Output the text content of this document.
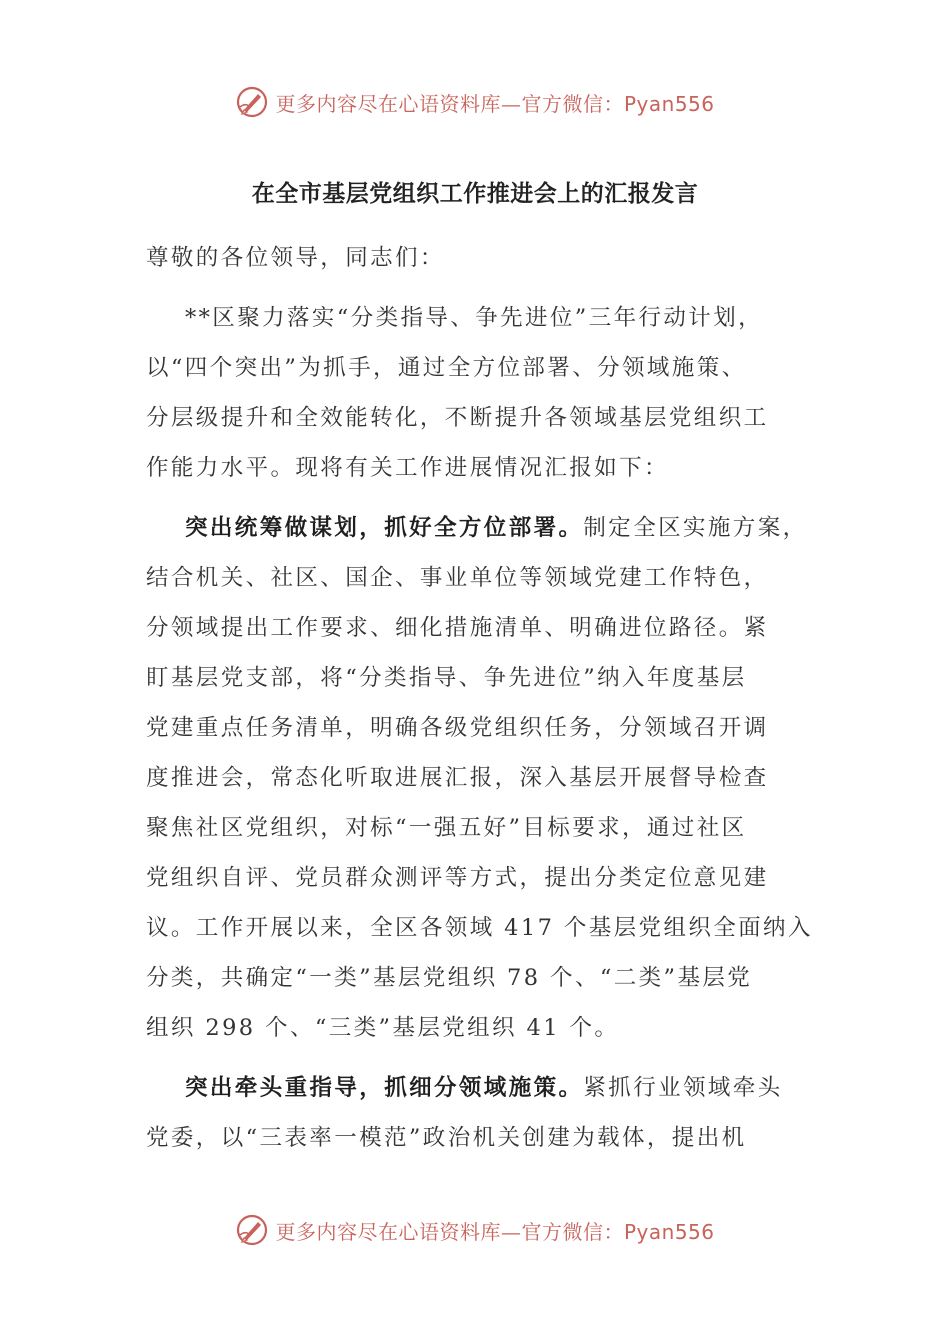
更多内容尽在心语资料库—官方微信：Pyan556
在全市基层党组织工作推进会上的汇报发言
尊敬的各位领导，同志们：
**区聚力落实“分类指导、争先进位”三年行动计划，
以“四个突出”为抓手，通过全方位部署、分领域施策、
分层级提升和全效能转化，不断提升各领域基层党组织工
作能力水平。现将有关工作进展情况汇报如下：
突出统筹做谋划，抓好全方位部署。制定全区实施方案，
结合机关、社区、国企、事业单位等领域党建工作特色，
分领域提出工作要求、细化措施清单、明确进位路径。紧
盯基层党支部，将“分类指导、争先进位”纳入年度基层
党建重点任务清单，明确各级党组织任务，分领域召开调
度推进会，常态化听取进展汇报，深入基层开展督导检查
聚焦社区党组织，对标“一强五好”目标要求，通过社区
党组织自评、党员群众测评等方式，提出分类定位意见建
议。工作开展以来，全区各领域 417 个基层党组织全面纳入
分类，共确定“一类”基层党组织 78 个、“二类”基层党
组织 298 个、“三类”基层党组织 41 个。
突出牵头重指导，抓细分领域施策。紧抓行业领域牵头
党委，以“三表率一模范”政治机关创建为载体，提出机
更多内容尽在心语资料库—官方微信：Pyan556
